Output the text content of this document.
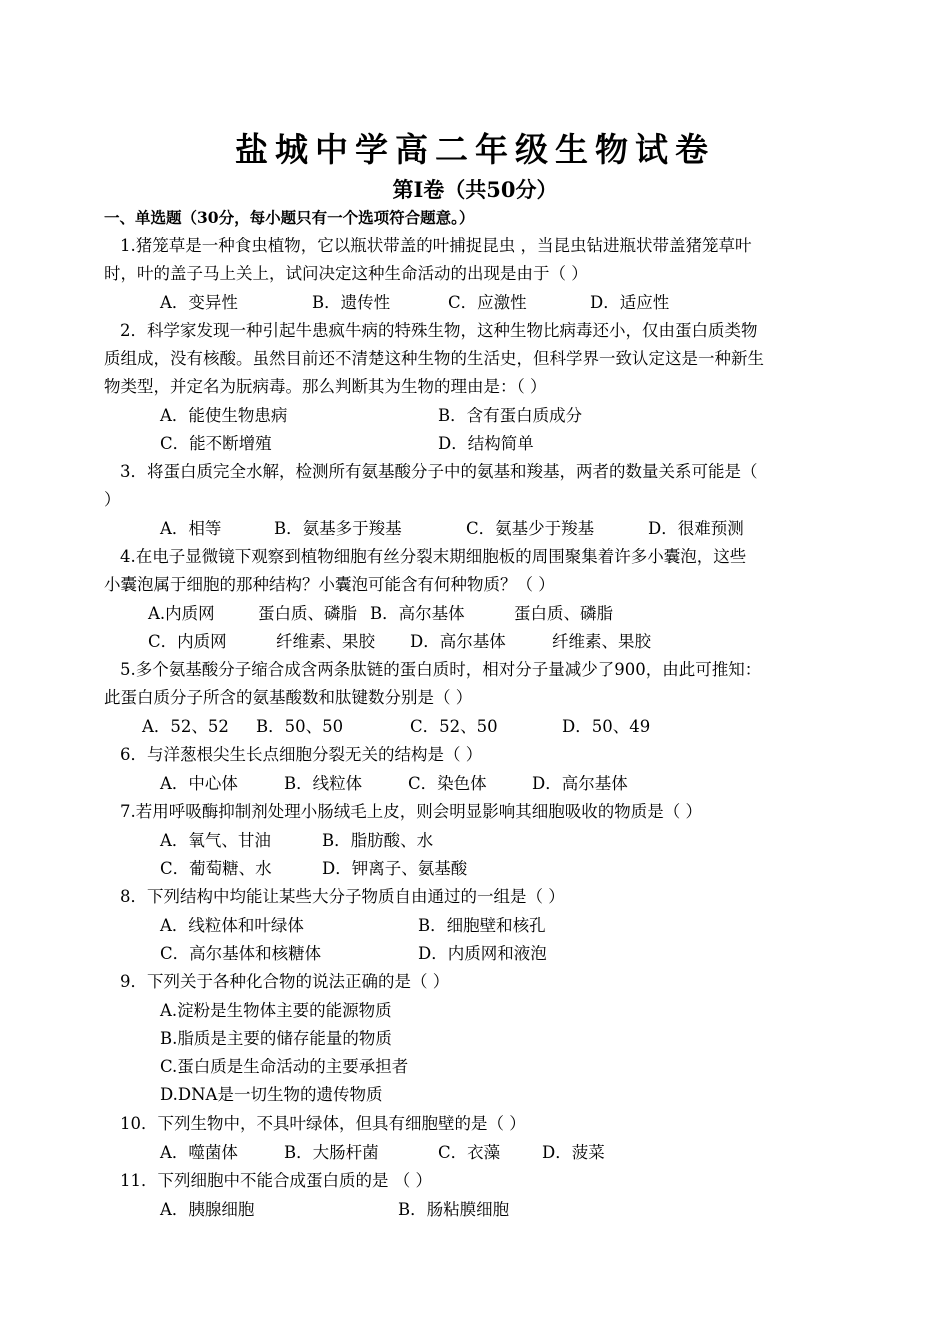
盐城中学高二年级生物试卷
第Ⅰ卷（共50分）
一、单选题（30分，每小题只有一个选项符合题意。）
1.猪笼草是一种食虫植物，它以瓶状带盖的叶捕捉昆虫 ，当昆虫钻进瓶状带盖猪笼草叶
时，叶的盖子马上关上，试问决定这种生命活动的出现是由于（ ）
A．变异性	B．遗传性	C．应激性	D．适应性
2．科学家发现一种引起牛患疯牛病的特殊生物，这种生物比病毒还小，仅由蛋白质类物
质组成，没有核酸。虽然目前还不清楚这种生物的生活史，但科学界一致认定这是一种新生
物类型，并定名为朊病毒。那么判断其为生物的理由是：（ ）
A．能使生物患病	B．含有蛋白质成分
C．能不断增殖	D．结构简单
3．将蛋白质完全水解，检测所有氨基酸分子中的氨基和羧基，两者的数量关系可能是（
）
A．相等	B．氨基多于羧基	C．氨基少于羧基	D．很难预测
4.在电子显微镜下观察到植物细胞有丝分裂末期细胞板的周围聚集着许多小囊泡，这些
小囊泡属于细胞的那种结构？小囊泡可能含有何种物质？（ ）
A.内质网	蛋白质、磷脂 B．高尔基体	蛋白质、磷脂
C．内质网	纤维素、果胶 D．高尔基体	纤维素、果胶
5.多个氨基酸分子缩合成含两条肽链的蛋白质时，相对分子量减少了900，由此可推知：
此蛋白质分子所含的氨基酸数和肽键数分别是（ ）
A．52、52 B．50、50	C．52、50	D．50、49
6．与洋葱根尖生长点细胞分裂无关的结构是（ ）
A．中心体	B．线粒体	C．染色体	D．高尔基体
7.若用呼吸酶抑制剂处理小肠绒毛上皮，则会明显影响其细胞吸收的物质是（ ）
A．氧气、甘油	B．脂肪酸、水
C．葡萄糖、水	D．钾离子、氨基酸
8．下列结构中均能让某些大分子物质自由通过的一组是（ ）
A．线粒体和叶绿体	B．细胞壁和核孔
C．高尔基体和核糖体	D．内质网和液泡
9．下列关于各种化合物的说法正确的是（ ）
A.淀粉是生物体主要的能源物质
B.脂质是主要的储存能量的物质
C.蛋白质是生命活动的主要承担者
D.DNA是一切生物的遗传物质
10．下列生物中，不具叶绿体，但具有细胞壁的是（ ）
A．噬菌体	B．大肠杆菌	C．衣藻	D．菠菜
11．下列细胞中不能合成蛋白质的是 （ ）
A．胰腺细胞	B．肠粘膜细胞
